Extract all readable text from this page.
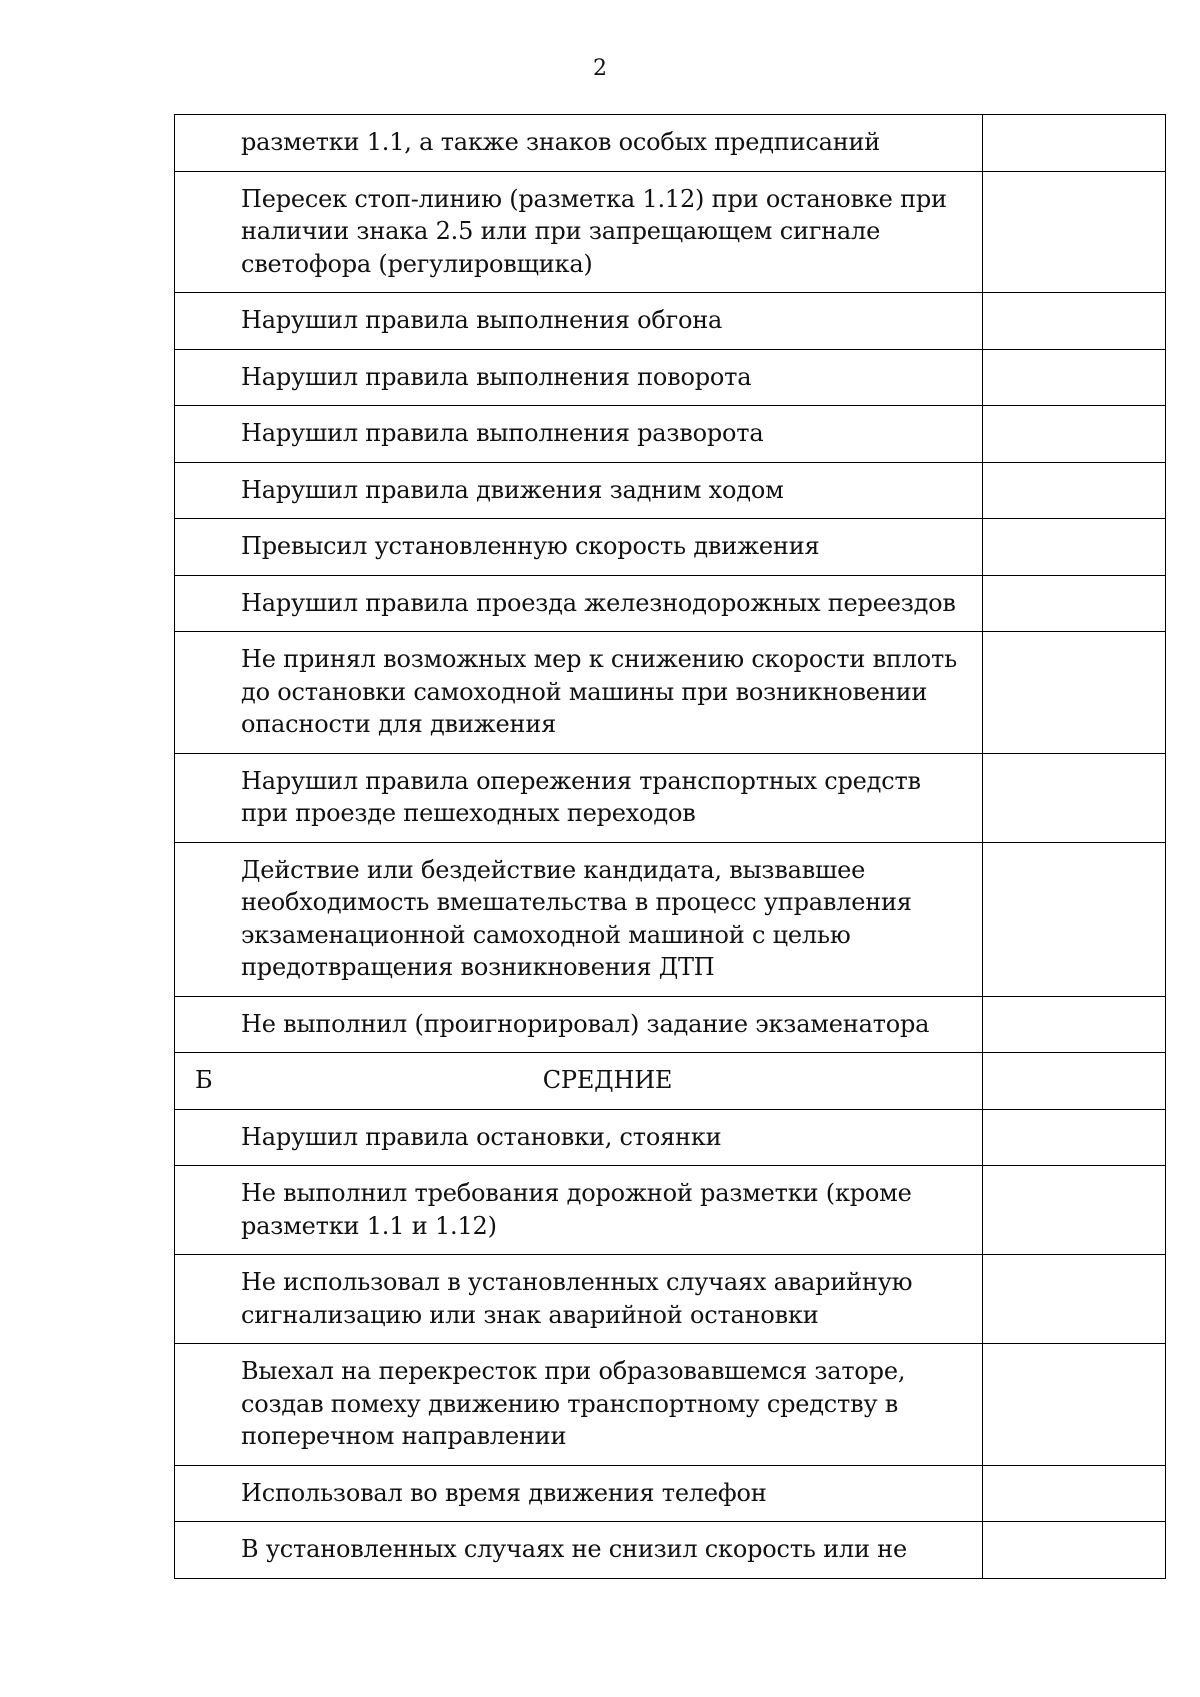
2
разметки 1.1, а также знаков особых предписаний	
Пересек стоп-линию (разметка 1.12) при остановке при наличии знака 2.5 или при запрещающем сигнале светофора (регулировщика)	
Нарушил правила выполнения обгона	
Нарушил правила выполнения поворота	
Нарушил правила выполнения разворота	
Нарушил правила движения задним ходом	
Превысил установленную скорость движения	
Нарушил правила проезда железнодорожных переездов	
Не принял возможных мер к снижению скорости вплоть до остановки самоходной машины при возникновении опасности для движения	
Нарушил правила опережения транспортных средств при проезде пешеходных переходов	
Действие или бездействие кандидата, вызвавшее необходимость вмешательства в процесс управления экзаменационной самоходной машиной с целью предотвращения возникновения ДТП	
Не выполнил (проигнорировал) задание экзаменатора	

Б СРЕДНИЕ	

Нарушил правила остановки, стоянки	
Не выполнил требования дорожной разметки (кроме разметки 1.1 и 1.12)	
Не использовал в установленных случаях аварийную сигнализацию или знак аварийной остановки	
Выехал на перекресток при образовавшемся заторе, создав помеху движению транспортному средству в поперечном направлении	
Использовал во время движения телефон	
В установленных случаях не снизил скорость или не	
